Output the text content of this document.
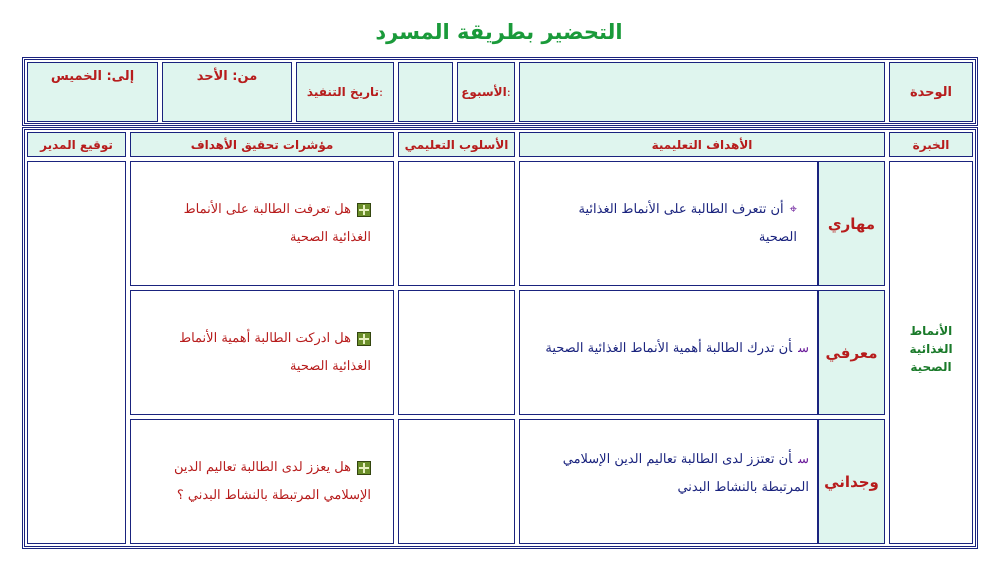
التحضير بطريقة المسرد
الوحدة
الأسبوع :
تاريخ التنفيذ :
من: الأحد
إلى: الخميس
الخبرة
الأهداف التعليمية
الأسلوب التعليمي
مؤشرات تحقيق الأهداف
توقيع المدير
الأنماط الغذائية الصحية
مهاري
⌖أن تتعرف الطالبة على الأنماط الغذائية الصحية
هل تعرفت الطالبة على الأنماط الغذائية الصحية
معرفي
سأن تدرك الطالبة أهمية الأنماط الغذائية الصحية
هل ادركت الطالبة أهمية الأنماط الغذائية الصحية
وجداني
سأن تعتزز لدى الطالبة تعاليم الدين الإسلامي المرتبطة بالنشاط البدني
هل يعزز لدى الطالبة تعاليم الدين الإسلامي المرتبطة بالنشاط البدني ؟
